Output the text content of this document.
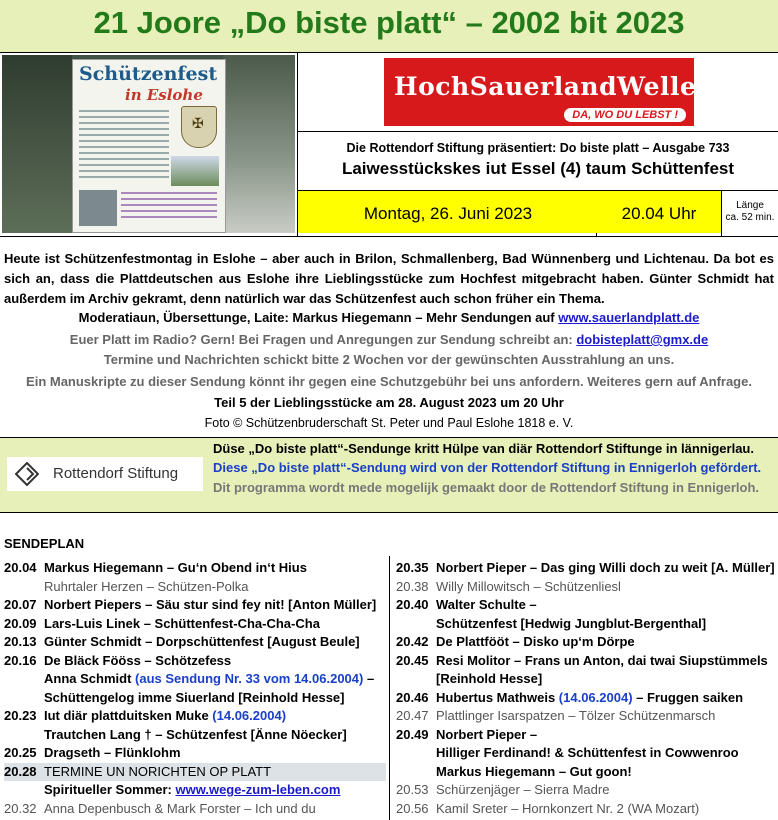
21 Joore „Do biste platt“ – 2002 bit 2023
Schützenfest
in Eslohe
✠
HochSauerlandWelle
DA, WO DU LEBST !
Die Rottendorf Stiftung präsentiert: Do biste platt – Ausgabe 733
Laiwesstückskes iut Essel (4) taum Schüttenfest
Montag, 26. Juni 2023	20.04 Uhr	Länge
ca. 52 min.
Heute ist Schützenfestmontag in Eslohe – aber auch in Brilon, Schmallenberg, Bad Wünnenberg und Lichtenau. Da bot es sich an, dass die Plattdeutschen aus Eslohe ihre Lieblingsstücke zum Hochfest mitgebracht haben. Günter Schmidt hat außerdem im Archiv gekramt, denn natürlich war das Schützenfest auch schon früher ein Thema.
Moderatiaun, Übersettunge, Laite: Markus Hiegemann – Mehr Sendungen auf www.sauerlandplatt.de
Euer Platt im Radio? Gern! Bei Fragen und Anregungen zur Sendung schreibt an: dobisteplatt@gmx.de
Termine und Nachrichten schickt bitte 2 Wochen vor der gewünschten Ausstrahlung an uns.
Ein Manuskripte zu dieser Sendung könnt ihr gegen eine Schutzgebühr bei uns anfordern. Weiteres gern auf Anfrage.
Teil 5 der Lieblingsstücke am 28. August 2023 um 20 Uhr
Foto © Schützenbruderschaft St. Peter und Paul Eslohe 1818 e. V.
Rottendorf Stiftung
Düse „Do biste platt“-Sendunge kritt Hülpe van diär Rottendorf Stiftunge in lännigerlau.
Diese „Do biste platt“-Sendung wird von der Rottendorf Stiftung in Ennigerloh gefördert.
Dit programma wordt mede mogelijk gemaakt door de Rottendorf Stiftung in Ennigerloh.
SENDEPLAN
20.04 Markus Hiegemann – Gu‘n Obend in‘t Hius
Ruhrtaler Herzen – Schützen-Polka
20.07 Norbert Piepers – Säu stur sind fey nit! [Anton Müller]
20.09 Lars-Luis Linek – Schüttenfest-Cha-Cha-Cha
20.13 Günter Schmidt – Dorpschüttenfest [August Beule]
20.16 De Bläck Fööss – Schötzefess
Anna Schmidt (aus Sendung Nr. 33 vom 14.06.2004) –
Schüttengelog imme Siuerland [Reinhold Hesse]
20.23 Iut diär plattduitsken Muke (14.06.2004)
Trautchen Lang † – Schützenfest [Änne Nöecker]
20.25 Dragseth – Flünklohm
20.28 TERMINE UN NORICHTEN OP PLATT
Spiritueller Sommer: www.wege-zum-leben.com
20.32 Anna Depenbusch & Mark Forster – Ich und du
20.35 Norbert Pieper – Das ging Willi doch zu weit [A. Müller]
20.38 Willy Millowitsch – Schützenliesl
20.40 Walter Schulte –
Schützenfest [Hedwig Jungblut-Bergenthal]
20.42 De Plattfööt – Disko up‘m Dörpe
20.45 Resi Molitor – Frans un Anton, dai twai Siupstümmels
[Reinhold Hesse]
20.46 Hubertus Mathweis (14.06.2004) – Fruggen saiken
20.47 Plattlinger Isarspatzen – Tölzer Schützenmarsch
20.49 Norbert Pieper –
Hilliger Ferdinand! & Schüttenfest in Cowwenroo
Markus Hiegemann – Gut goon!
20.53 Schürzenjäger – Sierra Madre
20.56 Kamil Sreter – Hornkonzert Nr. 2 (WA Mozart)
